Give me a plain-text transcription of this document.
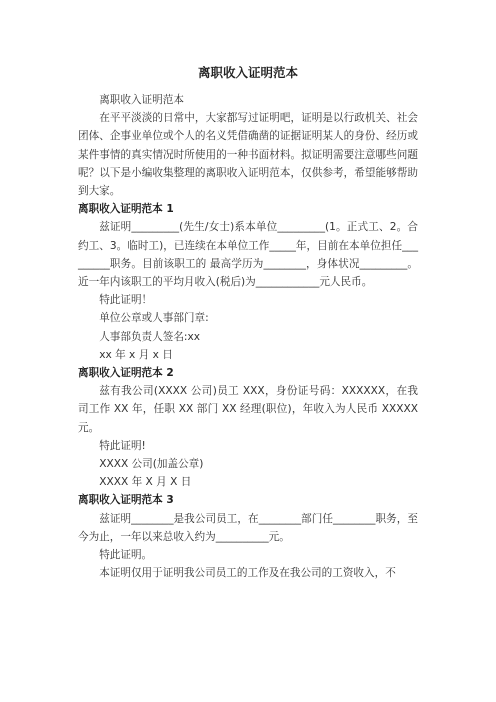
离职收入证明范本

离职收入证明范本

在平平淡淡的日常中，大家都写过证明吧，证明是以行政机关、社会团体、企事业单位或个人的名义凭借确凿的证据证明某人的身份、经历或某件事情的真实情况时所使用的一种书面材料。拟证明需要注意哪些问题呢？以下是小编收集整理的离职收入证明范本，仅供参考，希望能够帮助到大家。

离职收入证明范本 1

兹证明_________(先生/女士)系本单位_________(1。正式工、2。合约工、3。临时工)，已连续在本单位工作_____年，目前在本单位担任_________职务。目前该职工的 最高学历为________，身体状况_________。近一年内该职工的平均月收入(税后)为____________元人民币。

特此证明！

单位公章或人事部门章:

人事部负责人签名:xx

xx 年 x 月 x 日

离职收入证明范本 2

兹有我公司(XXXX 公司)员工 XXX，身份证号码：XXXXXX，在我司工作 XX 年，任职 XX 部门 XX 经理(职位)，年收入为人民币 XXXXX 元。

特此证明!

XXXX 公司(加盖公章)

XXXX 年 X 月 X 日

离职收入证明范本 3

兹证明________是我公司员工，在________部门任________职务，至今为止，一年以来总收入约为__________元。

特此证明。

本证明仅用于证明我公司员工的工作及在我公司的工资收入，不
